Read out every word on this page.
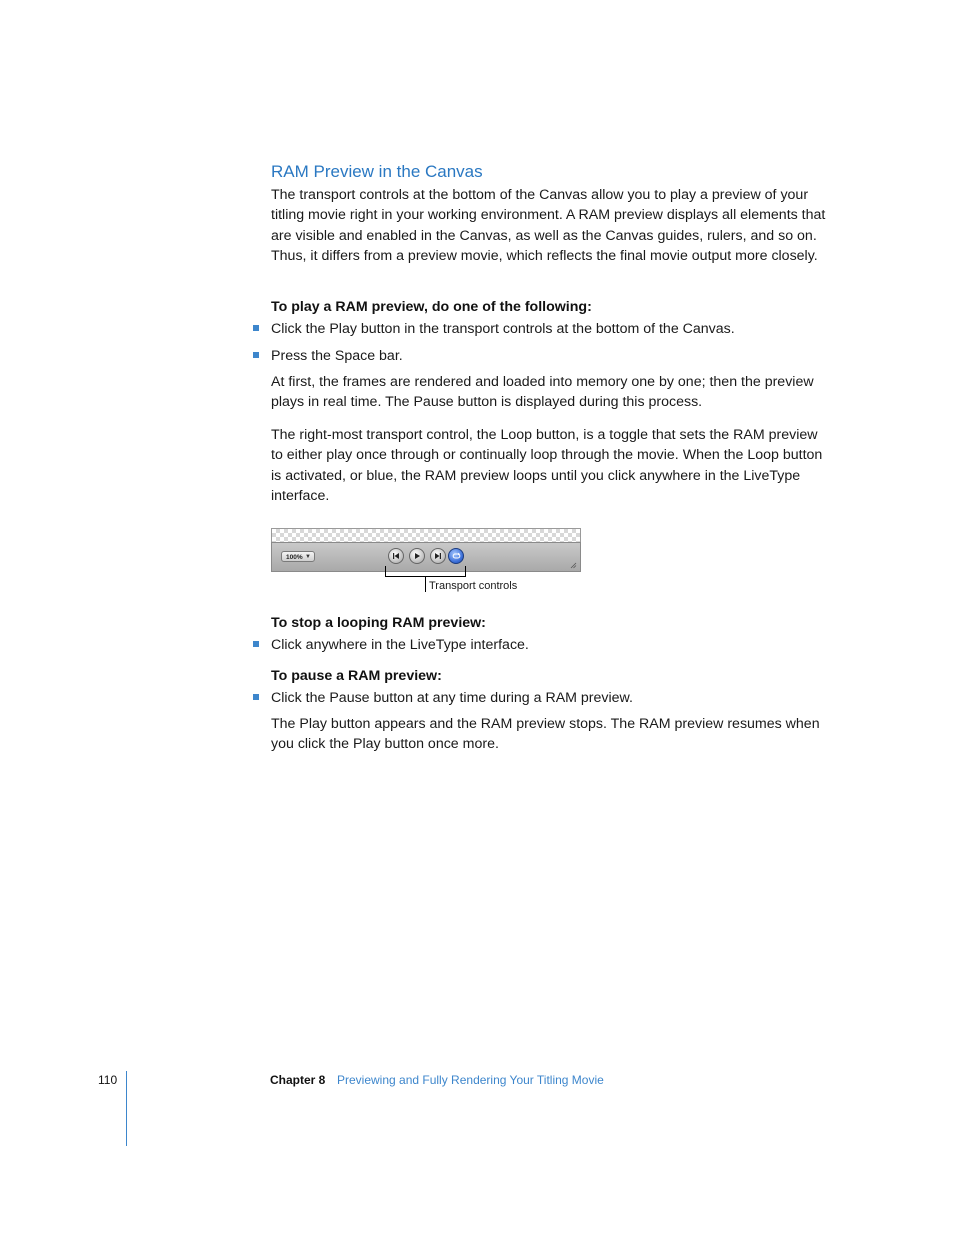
RAM Preview in the Canvas
The transport controls at the bottom of the Canvas allow you to play a preview of your titling movie right in your working environment. A RAM preview displays all elements that are visible and enabled in the Canvas, as well as the Canvas guides, rulers, and so on. Thus, it differs from a preview movie, which reflects the final movie output more closely.
To play a RAM preview, do one of the following:
Click the Play button in the transport controls at the bottom of the Canvas.
Press the Space bar.
At first, the frames are rendered and loaded into memory one by one; then the preview plays in real time. The Pause button is displayed during this process.
The right-most transport control, the Loop button, is a toggle that sets the RAM preview to either play once through or continually loop through the movie. When the Loop button is activated, or blue, the RAM preview loops until you click anywhere in the LiveType interface.
100% ▼
Transport controls
To stop a looping RAM preview:
Click anywhere in the LiveType interface.
To pause a RAM preview:
Click the Pause button at any time during a RAM preview.
The Play button appears and the RAM preview stops. The RAM preview resumes when you click the Play button once more.
110	Chapter 8 Previewing and Fully Rendering Your Titling Movie
